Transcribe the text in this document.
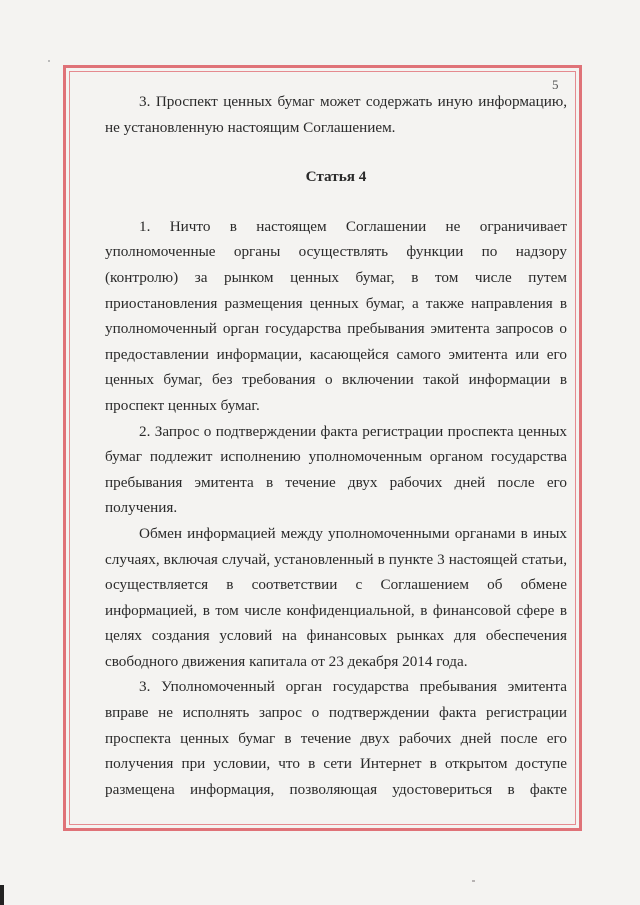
5

3. Проспект ценных бумаг может содержать иную информацию, не установленную настоящим Соглашением.

Статья 4

1. Ничто в настоящем Соглашении не ограничивает уполномоченные органы осуществлять функции по надзору (контролю) за рынком ценных бумаг, в том числе путем приостановления размещения ценных бумаг, а также направления в уполномоченный орган государства пребывания эмитента запросов о предоставлении информации, касающейся самого эмитента или его ценных бумаг, без требования о включении такой информации в проспект ценных бумаг.

2. Запрос о подтверждении факта регистрации проспекта ценных бумаг подлежит исполнению уполномоченным органом государства пребывания эмитента в течение двух рабочих дней после его получения.

Обмен информацией между уполномоченными органами в иных случаях, включая случай, установленный в пункте 3 настоящей статьи, осуществляется в соответствии с Соглашением об обмене информацией, в том числе конфиденциальной, в финансовой сфере в целях создания условий на финансовых рынках для обеспечения свободного движения капитала от 23 декабря 2014 года.

3. Уполномоченный орган государства пребывания эмитента вправе не исполнять запрос о подтверждении факта регистрации проспекта ценных бумаг в течение двух рабочих дней после его получения при условии, что в сети Интернет в открытом доступе размещена информация, позволяющая удостовериться в факте
